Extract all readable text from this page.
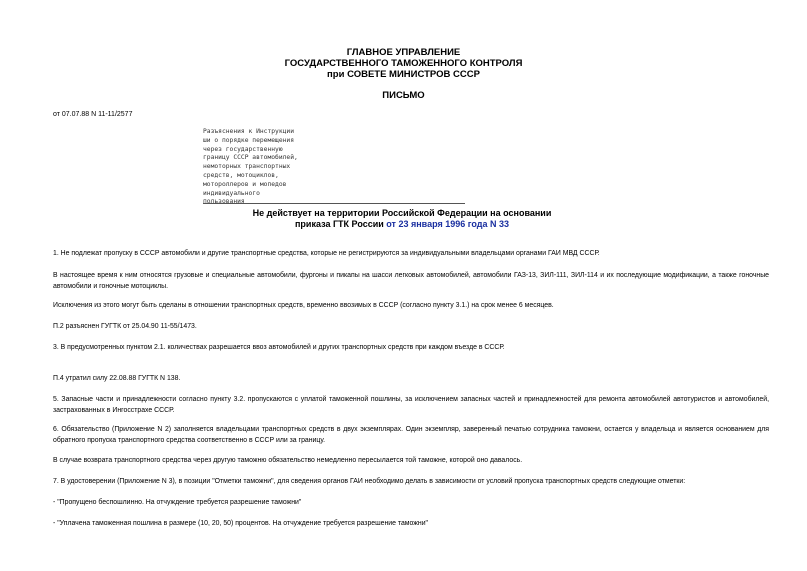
ГЛАВНОЕ УПРАВЛЕНИЕ
ГОСУДАРСТВЕННОГО ТАМОЖЕННОГО КОНТРОЛЯ
при СОВЕТЕ МИНИСТРОВ СССР
ПИСЬМО
от 07.07.88 N 11-11/2577
Разъяснения к Инструкции
ши о порядке перемещения
через государственную
границу СССР автомобилей,
немоторных транспортных
средств, мотоциклов,
мотороллеров и мопедов
индивидуального
пользования
Не действует на территории Российской Федерации на основании
приказа ГТК России от 23 января 1996 года N 33
1. Не подлежат пропуску в СССР автомобили и другие транспортные средства, которые не регистрируются за индивидуальными владельцами органами ГАИ МВД СССР.
В настоящее время к ним относятся грузовые и специальные автомобили, фургоны и пикапы на шасси легковых автомобилей, автомобили ГАЗ-13, ЗИЛ-111, ЗИЛ-114 и их последующие модификации, а также гоночные автомобили и гоночные мотоциклы.
Исключения из этого могут быть сделаны в отношении транспортных средств, временно ввозимых в СССР (согласно пункту 3.1.) на срок менее 6 месяцев.
П.2 разъяснен ГУГТК от 25.04.90 11-55/1473.
3. В предусмотренных пунктом 2.1. количествах разрешается ввоз автомобилей и других транспортных средств при каждом въезде в СССР.
П.4 утратил силу 22.08.88 ГУГТК N 138.
5. Запасные части и принадлежности согласно пункту 3.2. пропускаются с уплатой таможенной пошлины, за исключением запасных частей и принадлежностей для ремонта автомобилей автотуристов и автомобилей, застрахованных в Ингосстрахе СССР.
6. Обязательство (Приложение N 2) заполняется владельцами транспортных средств в двух экземплярах. Один экземпляр, заверенный печатью сотрудника таможни, остается у владельца и является основанием для обратного пропуска транспортного средства соответственно в СССР или за границу.
В случае возврата транспортного средства через другую таможню обязательство немедленно пересылается той таможне, которой оно давалось.
7. В удостоверении (Приложение N 3), в позиции "Отметки таможни", для сведения органов ГАИ необходимо делать в зависимости от условий пропуска транспортных средств следующие отметки:
- "Пропущено беспошлинно. На отчуждение требуется разрешение таможни"
- "Уплачена таможенная пошлина в размере (10, 20, 50) процентов. На отчуждение требуется разрешение таможни"
